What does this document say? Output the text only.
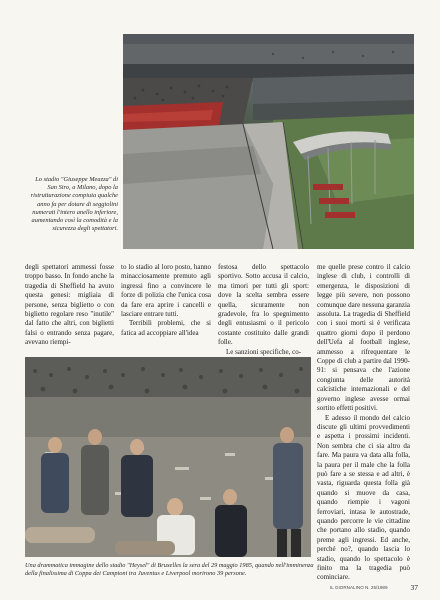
Lo stadio "Giuseppe Meazza" di San Siro, a Milano, dopo la ristrutturazione compiuta qualche anno fa per dotare di seggiolini numerati l'intero anello inferiore, aumentando così la comodità e la sicurezza degli spettatori.

degli spettatori ammessi fosse troppo basso. In fondo anche la tragedia di Sheffield ha avuto questa genesi: migliaia di persone, senza biglietto o con biglietto regolare reso "inutile" dal fatto che altri, con biglietti falsi o entrando senza pagare, avevano riempi-

to lo stadio al loro posto, hanno minacciosamente premuto agli ingressi fino a convincere le forze di polizia che l'unica cosa da fare era aprire i cancelli e lasciare entrare tutti.

Terribili problemi, che si fatica ad accoppiare all'idea

festosa dello spettacolo sportivo. Sotto accusa il calcio, ma timori per tutti gli sport: dove la scelta sembra essere quella, sicuramente non gradevole, fra lo spegnimento degli entusiasmi o il pericolo costante costituito dalle grandi folle.

Le sanzioni specifiche, co-

me quelle prese contro il calcio inglese di club, i controlli di emergenza, le disposizioni di legge più severe, non possono comunque dare nessuna garanzia assoluta. La tragedia di Sheffield con i suoi morti si è verificata quattro giorni dopo il perdono dell'Uefa al football inglese, ammesso a rifrequentare le Coppe di club a partire dal 1990-91: si pensava che l'azione congiunta delle autorità calcistiche internazionali e del governo inglese avesse ormai sortito effetti positivi.

E adesso il mondo del calcio discute gli ultimi provvedimenti e aspetta i prossimi incidenti. Non sembra che ci sia altro da fare. Ma paura va data alla folla, la paura per il male che la folla può fare a se stessa e ad altri, è vasta, riguarda questa folla già quando si muove da casa, quando riempie i vagoni ferroviari, intasa le autostrade, quando percorre le vie cittadine che portano allo stadio, quando preme agli ingressi. Ed anche, perché no?, quando lascia lo stadio, quando lo spettacolo è finito ma la tragedia può cominciare.

Una drammatica immagine dello stadio "Heysel" di Bruxelles la sera del 29 maggio 1985, quando nell'imminenza della finalissima di Coppa dei Campioni tra Juventus e Liverpool morirono 39 persone.
IL GIORNALINO N. 25/1989	37
